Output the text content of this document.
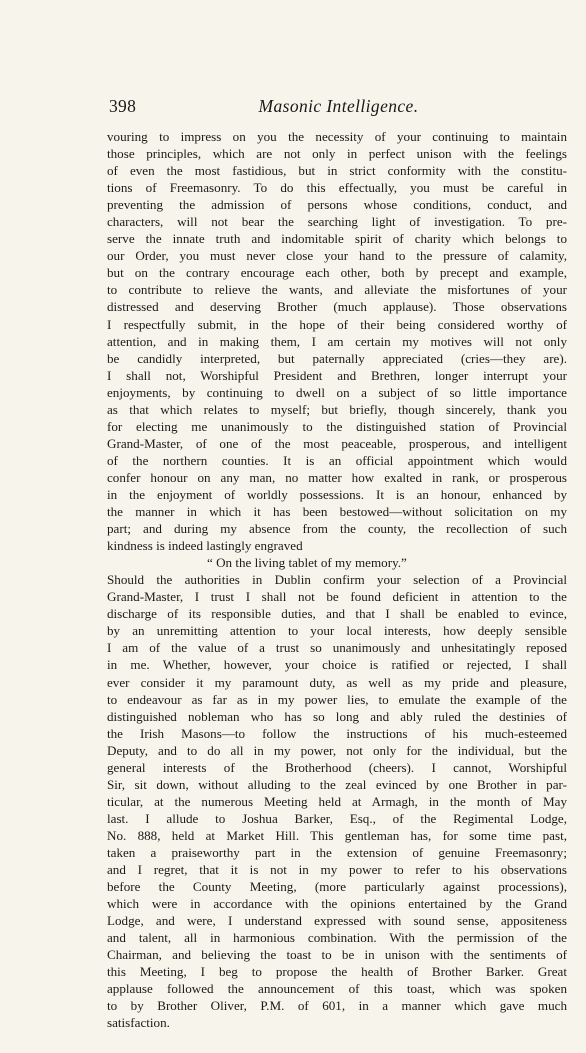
398	Masonic Intelligence.
vouring to impress on you the necessity of your continuing to maintain
those principles, which are not only in perfect unison with the feelings
of even the most fastidious, but in strict conformity with the constitu-
tions of Freemasonry. To do this effectually, you must be careful in
preventing the admission of persons whose conditions, conduct, and
characters, will not bear the searching light of investigation. To pre-
serve the innate truth and indomitable spirit of charity which belongs to
our Order, you must never close your hand to the pressure of calamity,
but on the contrary encourage each other, both by precept and example,
to contribute to relieve the wants, and alleviate the misfortunes of your
distressed and deserving Brother (much applause). Those observations
I respectfully submit, in the hope of their being considered worthy of
attention, and in making them, I am certain my motives will not only
be candidly interpreted, but paternally appreciated (cries—they are).
I shall not, Worshipful President and Brethren, longer interrupt your
enjoyments, by continuing to dwell on a subject of so little importance
as that which relates to myself; but briefly, though sincerely, thank you
for electing me unanimously to the distinguished station of Provincial
Grand-Master, of one of the most peaceable, prosperous, and intelligent
of the northern counties. It is an official appointment which would
confer honour on any man, no matter how exalted in rank, or prosperous
in the enjoyment of worldly possessions. It is an honour, enhanced by
the manner in which it has been bestowed—without solicitation on my
part; and during my absence from the county, the recollection of such
kindness is indeed lastingly engraved
“ On the living tablet of my memory.”
Should the authorities in Dublin confirm your selection of a Provincial
Grand-Master, I trust I shall not be found deficient in attention to the
discharge of its responsible duties, and that I shall be enabled to evince,
by an unremitting attention to your local interests, how deeply sensible
I am of the value of a trust so unanimously and unhesitatingly reposed
in me. Whether, however, your choice is ratified or rejected, I shall
ever consider it my paramount duty, as well as my pride and pleasure,
to endeavour as far as in my power lies, to emulate the example of the
distinguished nobleman who has so long and ably ruled the destinies of
the Irish Masons—to follow the instructions of his much-esteemed
Deputy, and to do all in my power, not only for the individual, but the
general interests of the Brotherhood (cheers). I cannot, Worshipful
Sir, sit down, without alluding to the zeal evinced by one Brother in par-
ticular, at the numerous Meeting held at Armagh, in the month of May
last. I allude to Joshua Barker, Esq., of the Regimental Lodge,
No. 888, held at Market Hill. This gentleman has, for some time past,
taken a praiseworthy part in the extension of genuine Freemasonry;
and I regret, that it is not in my power to refer to his observations
before the County Meeting, (more particularly against processions),
which were in accordance with the opinions entertained by the Grand
Lodge, and were, I understand expressed with sound sense, appositeness
and talent, all in harmonious combination. With the permission of the
Chairman, and believing the toast to be in unison with the sentiments of
this Meeting, I beg to propose the health of Brother Barker. Great
applause followed the announcement of this toast, which was spoken
to by Brother Oliver, P.M. of 601, in a manner which gave much
satisfaction.
